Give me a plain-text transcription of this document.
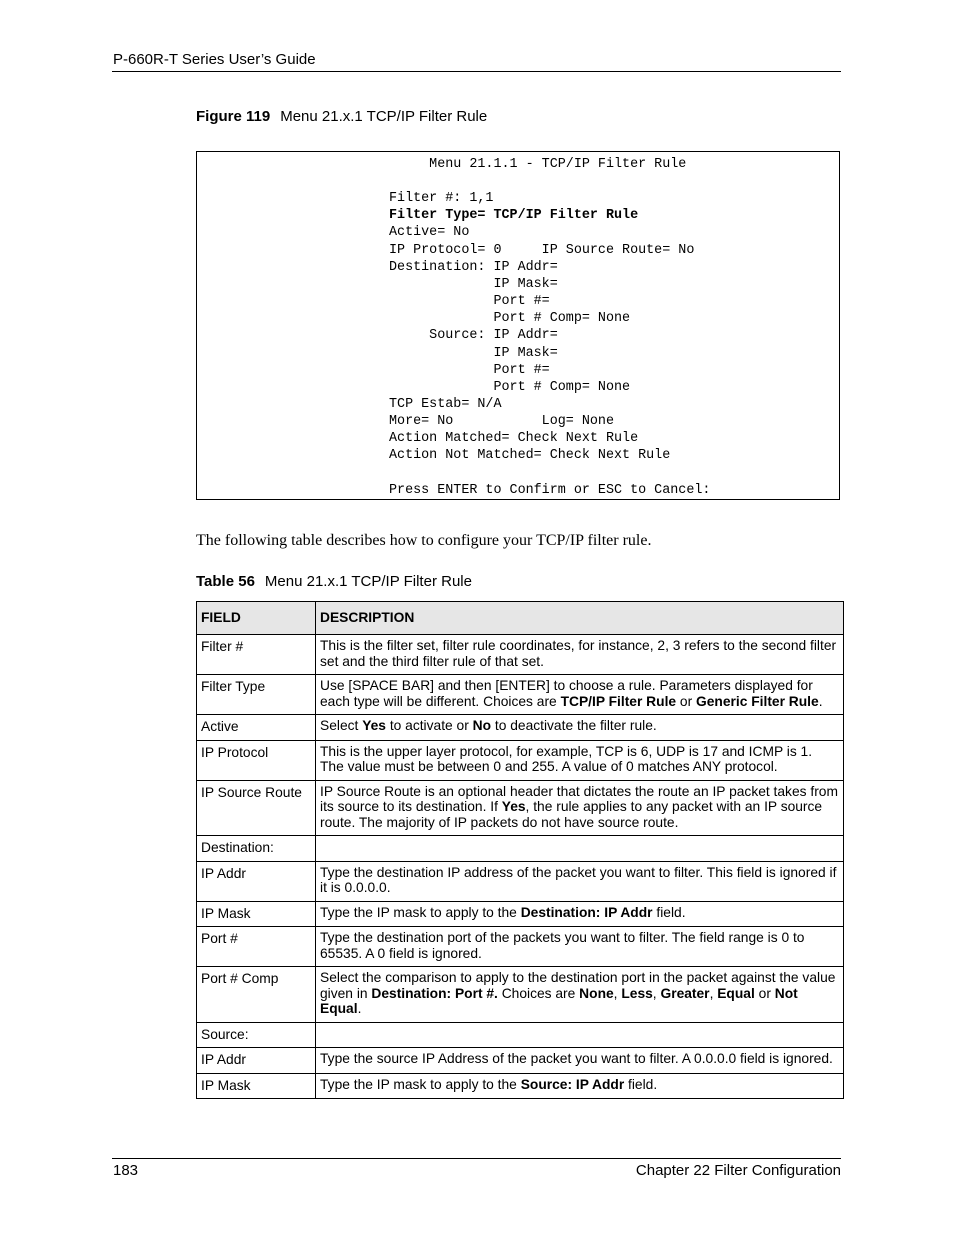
P-660R-T Series User’s Guide
Figure 119 Menu 21.x.1 TCP/IP Filter Rule
Menu 21.1.1 - TCP/IP Filter Rule
Filter #: 1,1
Filter Type= TCP/IP Filter Rule
Active= No
IP Protocol= 0     IP Source Route= No
Destination: IP Addr=
IP Mask=
Port #=
Port # Comp= None
Source: IP Addr=
IP Mask=
Port #=
Port # Comp= None
TCP Estab= N/A
More= No           Log= None
Action Matched= Check Next Rule
Action Not Matched= Check Next Rule
Press ENTER to Confirm or ESC to Cancel:
The following table describes how to configure your TCP/IP filter rule.
Table 56 Menu 21.x.1 TCP/IP Filter Rule
FIELD	DESCRIPTION
Filter #	This is the filter set, filter rule coordinates, for instance, 2, 3 refers to the second filter set and the third filter rule of that set.
Filter Type	Use [SPACE BAR] and then [ENTER] to choose a rule. Parameters displayed for each type will be different. Choices are TCP/IP Filter Rule or Generic Filter Rule.
Active	Select Yes to activate or No to deactivate the filter rule.
IP Protocol	This is the upper layer protocol, for example, TCP is 6, UDP is 17 and ICMP is 1. The value must be between 0 and 255. A value of 0 matches ANY protocol.
IP Source Route	IP Source Route is an optional header that dictates the route an IP packet takes from its source to its destination. If Yes, the rule applies to any packet with an IP source route. The majority of IP packets do not have source route.
Destination:	
IP Addr	Type the destination IP address of the packet you want to filter. This field is ignored if it is 0.0.0.0.
IP Mask	Type the IP mask to apply to the Destination: IP Addr field.
Port #	Type the destination port of the packets you want to filter. The field range is 0 to 65535. A 0 field is ignored.
Port # Comp	Select the comparison to apply to the destination port in the packet against the value given in Destination: Port #. Choices are None, Less, Greater, Equal or Not Equal.
Source:	
IP Addr	Type the source IP Address of the packet you want to filter. A 0.0.0.0 field is ignored.
IP Mask	Type the IP mask to apply to the Source: IP Addr field.
183	Chapter 22 Filter Configuration
